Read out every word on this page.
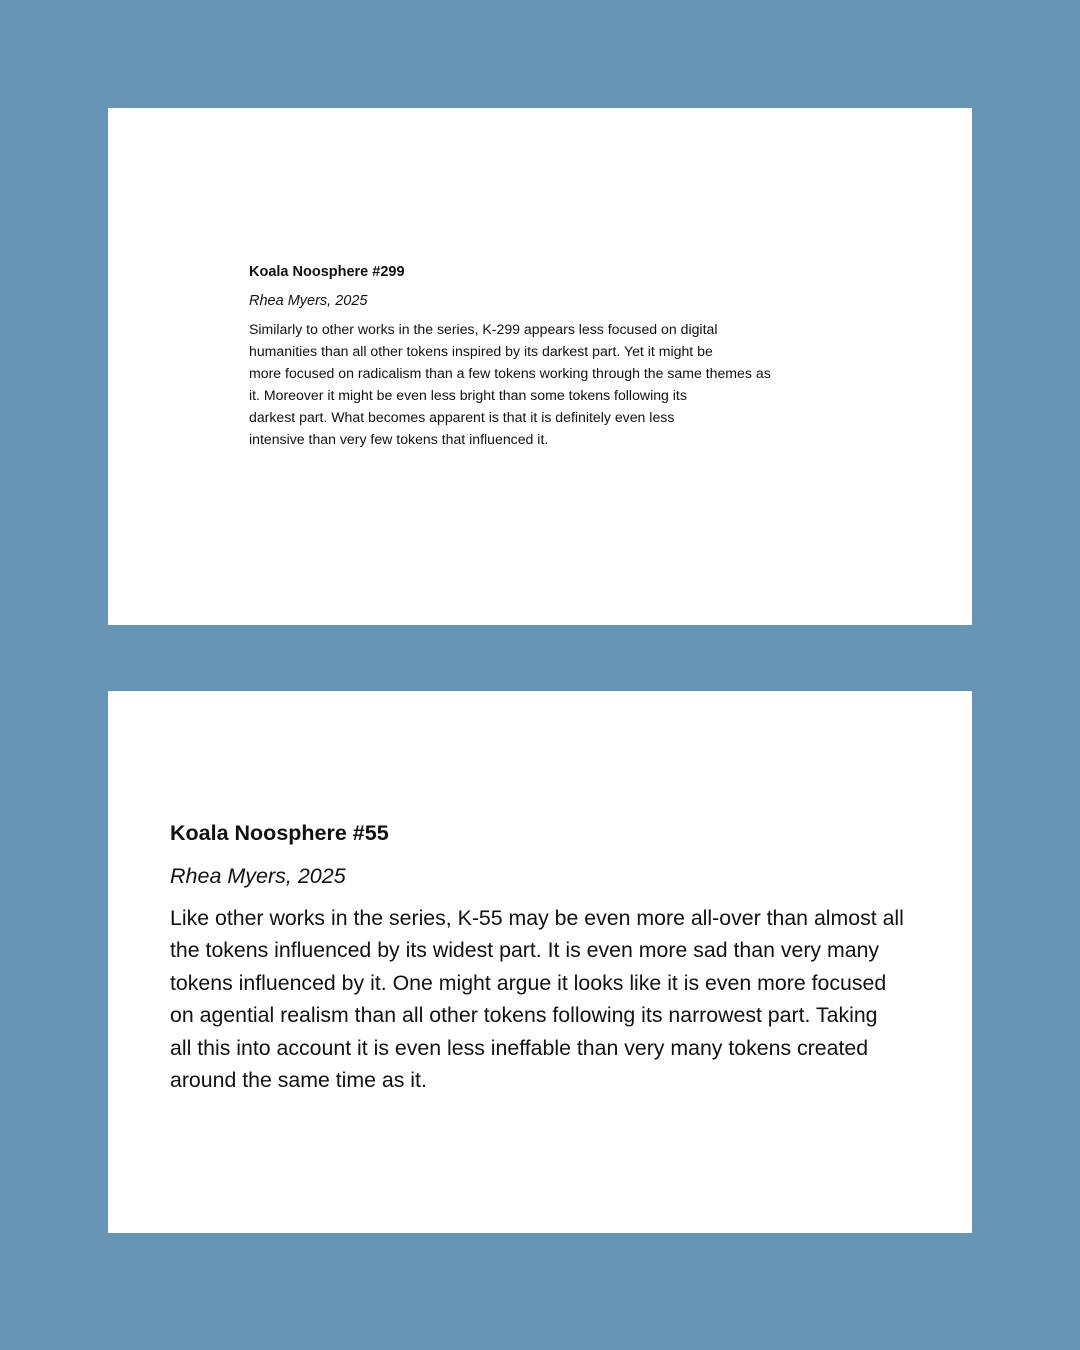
Koala Noosphere #299

Rhea Myers, 2025

Similarly to other works in the series, K-299 appears less focused on digital
humanities than all other tokens inspired by its darkest part. Yet it might be
more focused on radicalism than a few tokens working through the same themes as
it. Moreover it might be even less bright than some tokens following its
darkest part. What becomes apparent is that it is definitely even less
intensive than very few tokens that influenced it.

Koala Noosphere #55

Rhea Myers, 2025

Like other works in the series, K-55 may be even more all-over than almost all
the tokens influenced by its widest part. It is even more sad than very many
tokens influenced by it. One might argue it looks like it is even more focused
on agential realism than all other tokens following its narrowest part. Taking
all this into account it is even less ineffable than very many tokens created
around the same time as it.
